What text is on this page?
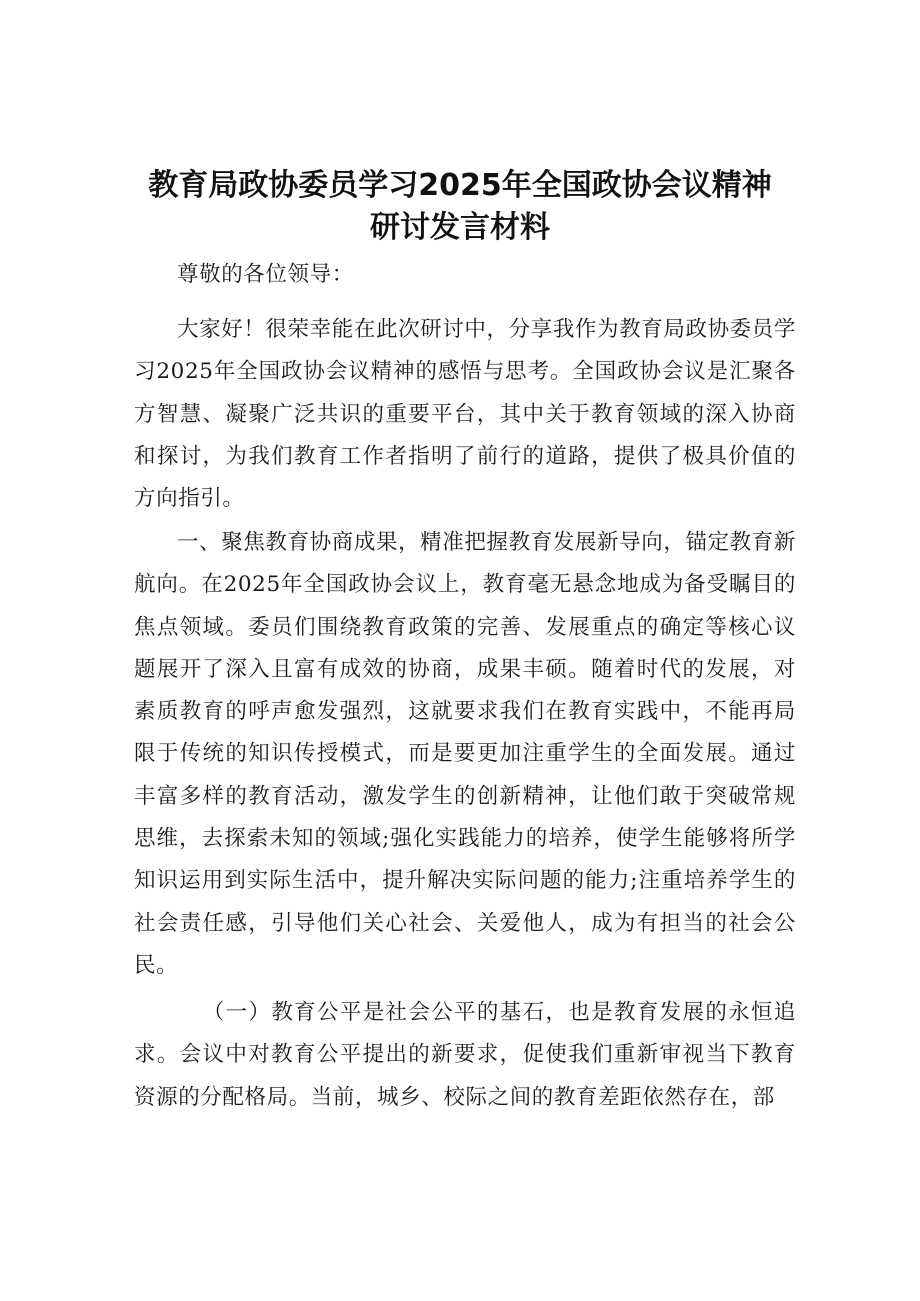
教育局政协委员学习2025年全国政协会议精神
研讨发言材料

尊敬的各位领导：

大家好！很荣幸能在此次研讨中，分享我作为教育局政协委员学习2025年全国政协会议精神的感悟与思考。全国政协会议是汇聚各方智慧、凝聚广泛共识的重要平台，其中关于教育领域的深入协商和探讨，为我们教育工作者指明了前行的道路，提供了极具价值的方向指引。

一、聚焦教育协商成果，精准把握教育发展新导向，锚定教育新航向。在2025年全国政协会议上，教育毫无悬念地成为备受瞩目的焦点领域。委员们围绕教育政策的完善、发展重点的确定等核心议题展开了深入且富有成效的协商，成果丰硕。随着时代的发展，对素质教育的呼声愈发强烈，这就要求我们在教育实践中，不能再局限于传统的知识传授模式，而是要更加注重学生的全面发展。通过丰富多样的教育活动，激发学生的创新精神，让他们敢于突破常规思维，去探索未知的领域;强化实践能力的培养，使学生能够将所学知识运用到实际生活中，提升解决实际问题的能力;注重培养学生的社会责任感，引导他们关心社会、关爱他人，成为有担当的社会公民。

（一）教育公平是社会公平的基石，也是教育发展的永恒追求。会议中对教育公平提出的新要求，促使我们重新审视当下教育资源的分配格局。当前，城乡、校际之间的教育差距依然存在，部
